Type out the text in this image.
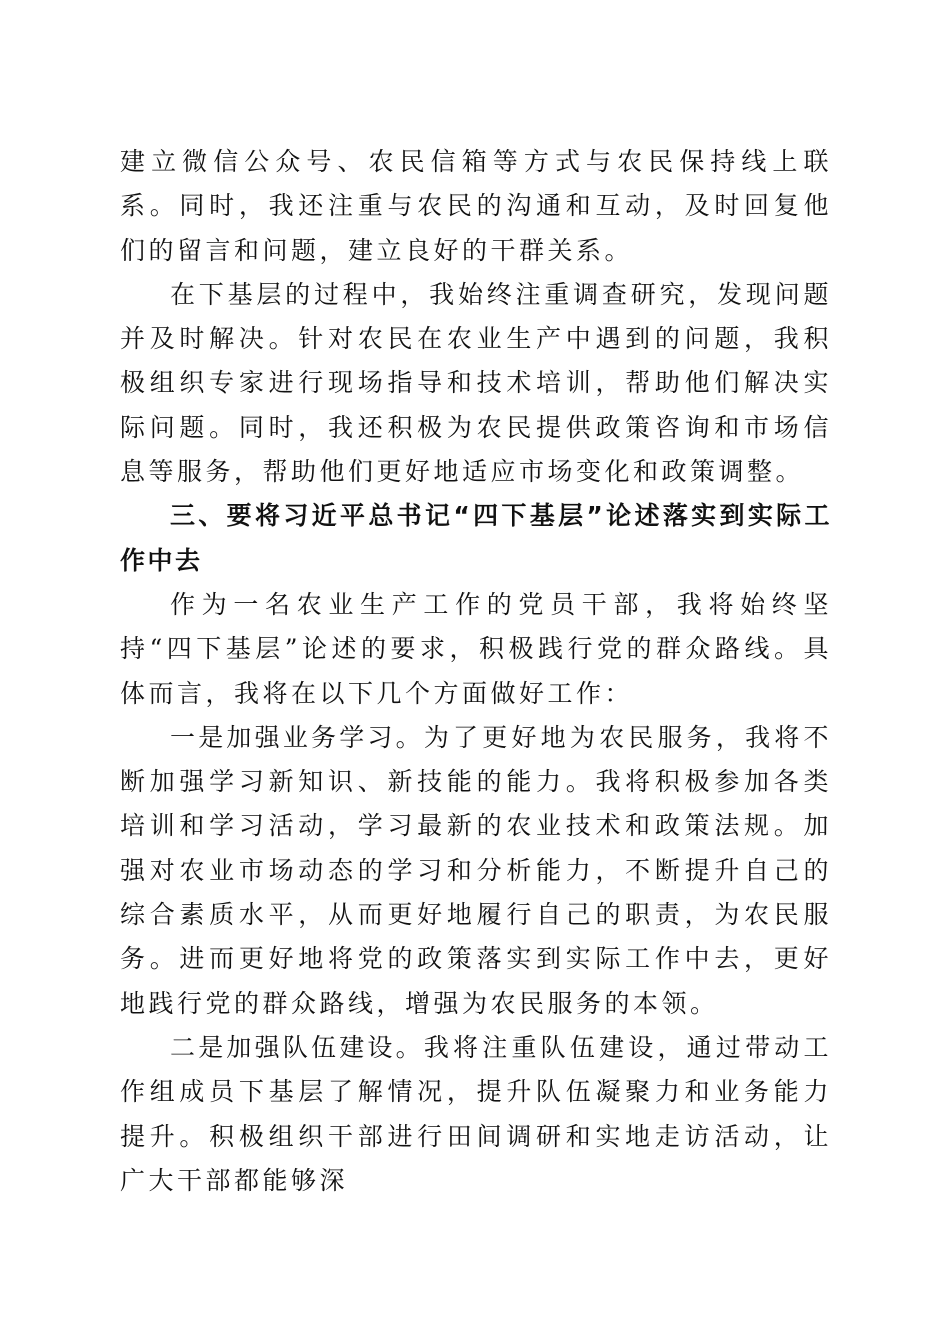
建立微信公众号、农民信箱等方式与农民保持线上联系。同时，我还注重与农民的沟通和互动，及时回复他们的留言和问题，建立良好的干群关系。

在下基层的过程中，我始终注重调查研究，发现问题并及时解决。针对农民在农业生产中遇到的问题，我积极组织专家进行现场指导和技术培训，帮助他们解决实际问题。同时，我还积极为农民提供政策咨询和市场信息等服务，帮助他们更好地适应市场变化和政策调整。

三、要将习近平总书记“四下基层”论述落实到实际工作中去

作为一名农业生产工作的党员干部，我将始终坚持“四下基层”论述的要求，积极践行党的群众路线。具体而言，我将在以下几个方面做好工作：

一是加强业务学习。为了更好地为农民服务，我将不断加强学习新知识、新技能的能力。我将积极参加各类培训和学习活动，学习最新的农业技术和政策法规。加强对农业市场动态的学习和分析能力，不断提升自己的综合素质水平，从而更好地履行自己的职责，为农民服务。进而更好地将党的政策落实到实际工作中去，更好地践行党的群众路线，增强为农民服务的本领。

二是加强队伍建设。我将注重队伍建设，通过带动工作组成员下基层了解情况，提升队伍凝聚力和业务能力提升。积极组织干部进行田间调研和实地走访活动，让广大干部都能够深
